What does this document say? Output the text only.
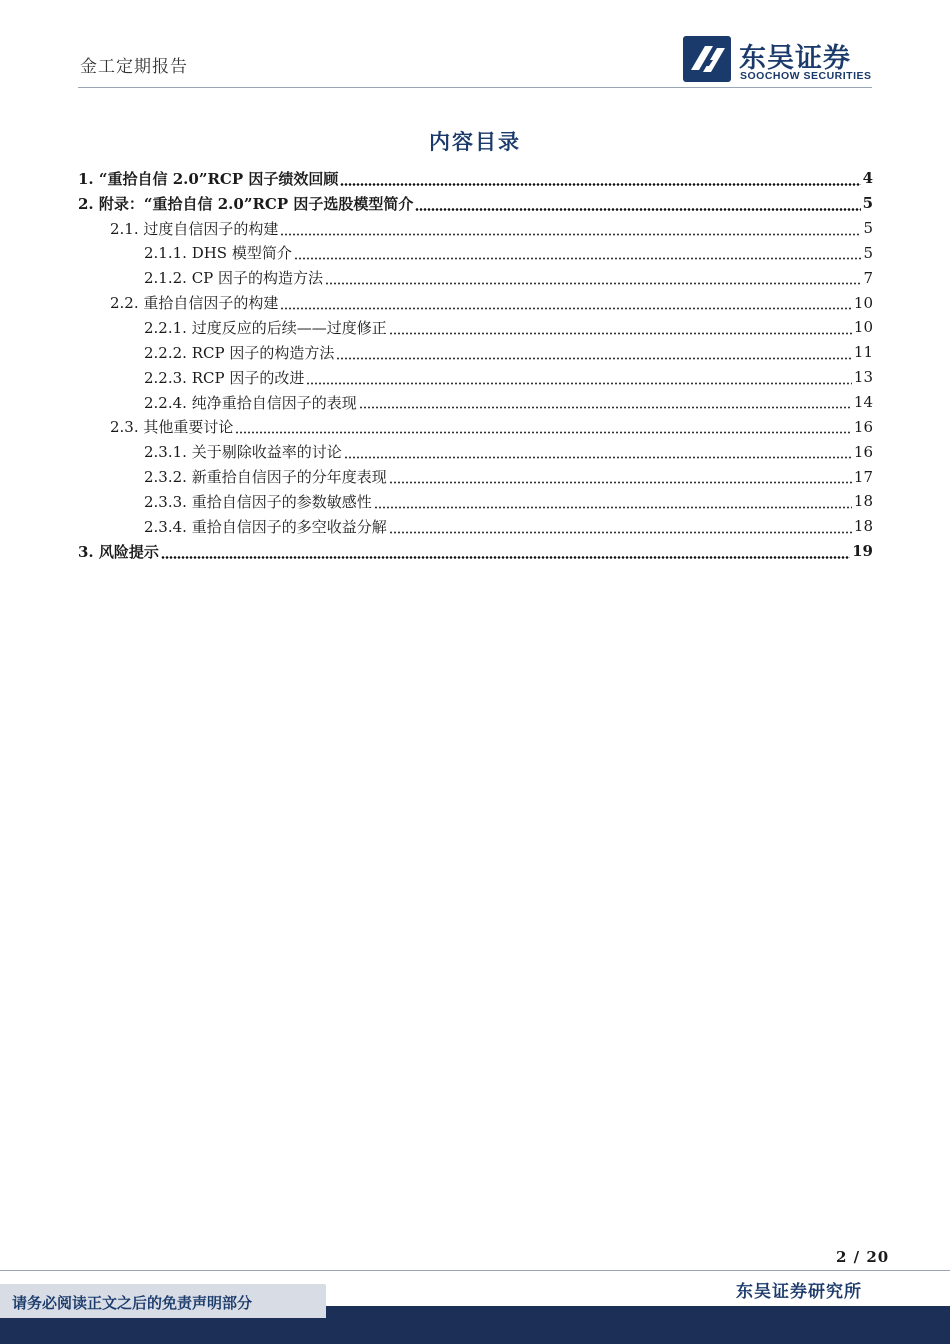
金工定期报告	东吴证券
SOOCHOW SECURITIES
内容目录
1. “重拾自信 2.0”RCP 因子绩效回顾	4
2. 附录：“重拾自信 2.0”RCP 因子选股模型简介	5
2.1. 过度自信因子的构建	5
2.1.1. DHS 模型简介	5
2.1.2. CP 因子的构造方法	7
2.2. 重拾自信因子的构建	10
2.2.1. 过度反应的后续——过度修正	10
2.2.2. RCP 因子的构造方法	11
2.2.3. RCP 因子的改进	13
2.2.4. 纯净重拾自信因子的表现	14
2.3. 其他重要讨论	16
2.3.1. 关于剔除收益率的讨论	16
2.3.2. 新重拾自信因子的分年度表现	17
2.3.3. 重拾自信因子的参数敏感性	18
2.3.4. 重拾自信因子的多空收益分解	18
3. 风险提示	19
2 / 20
东吴证券研究所
请务必阅读正文之后的免责声明部分
